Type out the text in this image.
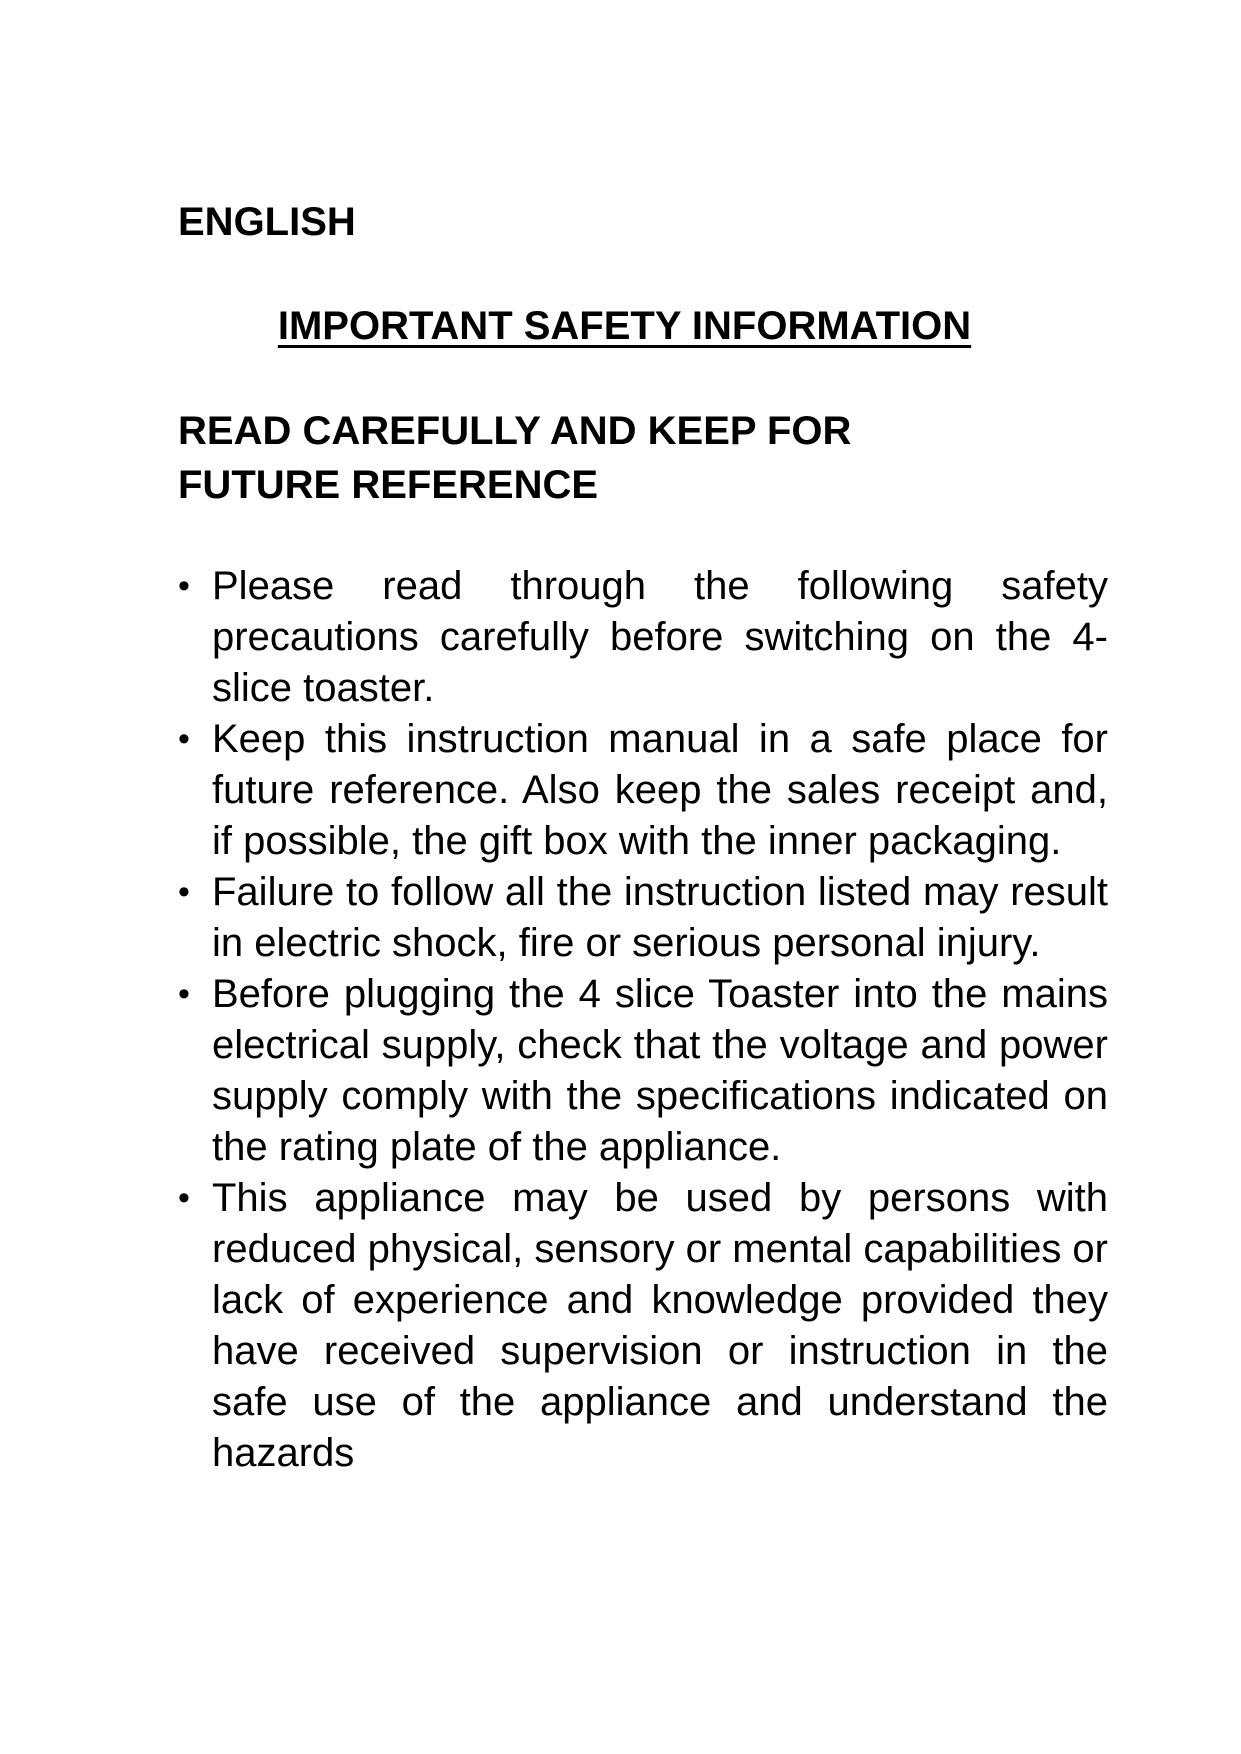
ENGLISH
IMPORTANT SAFETY INFORMATION
READ CAREFULLY AND KEEP FOR FUTURE REFERENCE
• Please read through the following safety precautions carefully before switching on the 4-slice toaster.
• Keep this instruction manual in a safe place for future reference. Also keep the sales receipt and, if possible, the gift box with the inner packaging.
• Failure to follow all the instruction listed may result in electric shock, fire or serious personal injury.
• Before plugging the 4 slice Toaster into the mains electrical supply, check that the voltage and power supply comply with the specifications indicated on the rating plate of the appliance.
• This appliance may be used by persons with reduced physical, sensory or mental capabilities or lack of experience and knowledge provided they have received supervision or instruction in the safe use of the appliance and understand the hazards
